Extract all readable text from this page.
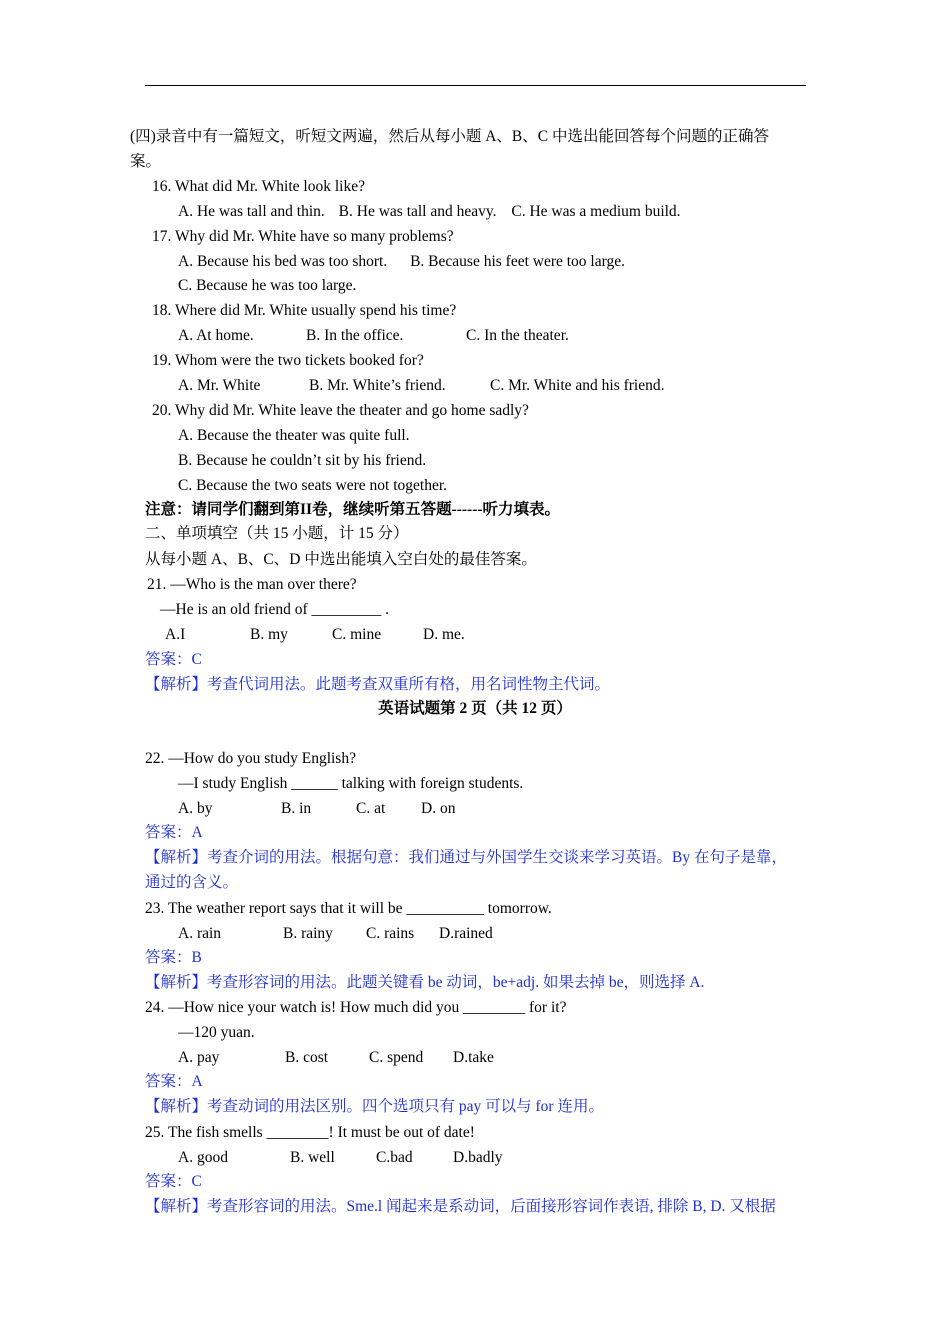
(四)录音中有一篇短文，听短文两遍，然后从每小题 A、B、C 中选出能回答每个问题的正确答
案。
16. What did Mr. White look like?
A. He was tall and thin. B. He was tall and heavy. C. He was a medium build.
17. Why did Mr. White have so many problems?
A. Because his bed was too short. B. Because his feet were too large.
C. Because he was too large.
18. Where did Mr. White usually spend his time?
A. At home.	B. In the office.	C. In the theater.
19. Whom were the two tickets booked for?
A. Mr. White	B. Mr. White’s friend.	C. Mr. White and his friend.
20. Why did Mr. White leave the theater and go home sadly?
A. Because the theater was quite full.
B. Because he couldn’t sit by his friend.
C. Because the two seats were not together.
注意：请同学们翻到第II卷，继续听第五答题------听力填表。
二、单项填空（共 15 小题，计 15 分）
从每小题 A、B、C、D 中选出能填入空白处的最佳答案。
21. —Who is the man over there?
—He is an old friend of _________ .
A.I	B. my	C. mine	D. me.
答案：C
【解析】考查代词用法。此题考查双重所有格，用名词性物主代词。
英语试题第 2 页（共 12 页）
22. —How do you study English?
—I study English ______ talking with foreign students.
A. by	B. in	C. at D. on
答案：A
【解析】考查介词的用法。根据句意：我们通过与外国学生交谈来学习英语。By 在句子是靠，
通过的含义。
23. The weather report says that it will be __________ tomorrow.
A. rain	B. rainy C. rains D.rained
答案：B
【解析】考查形容词的用法。此题关键看 be 动词，be+adj. 如果去掉 be，则选择 A.
24. —How nice your watch is! How much did you ________ for it?
—120 yuan.
A. pay	B. cost	C. spend D.take
答案：A
【解析】考查动词的用法区别。四个选项只有 pay 可以与 for 连用。
25. The fish smells ________! It must be out of date!
A. good	B. well	C.bad	D.badly
答案：C
【解析】考查形容词的用法。Sme.l 闻起来是系动词，后面接形容词作表语, 排除 B, D. 又根据
